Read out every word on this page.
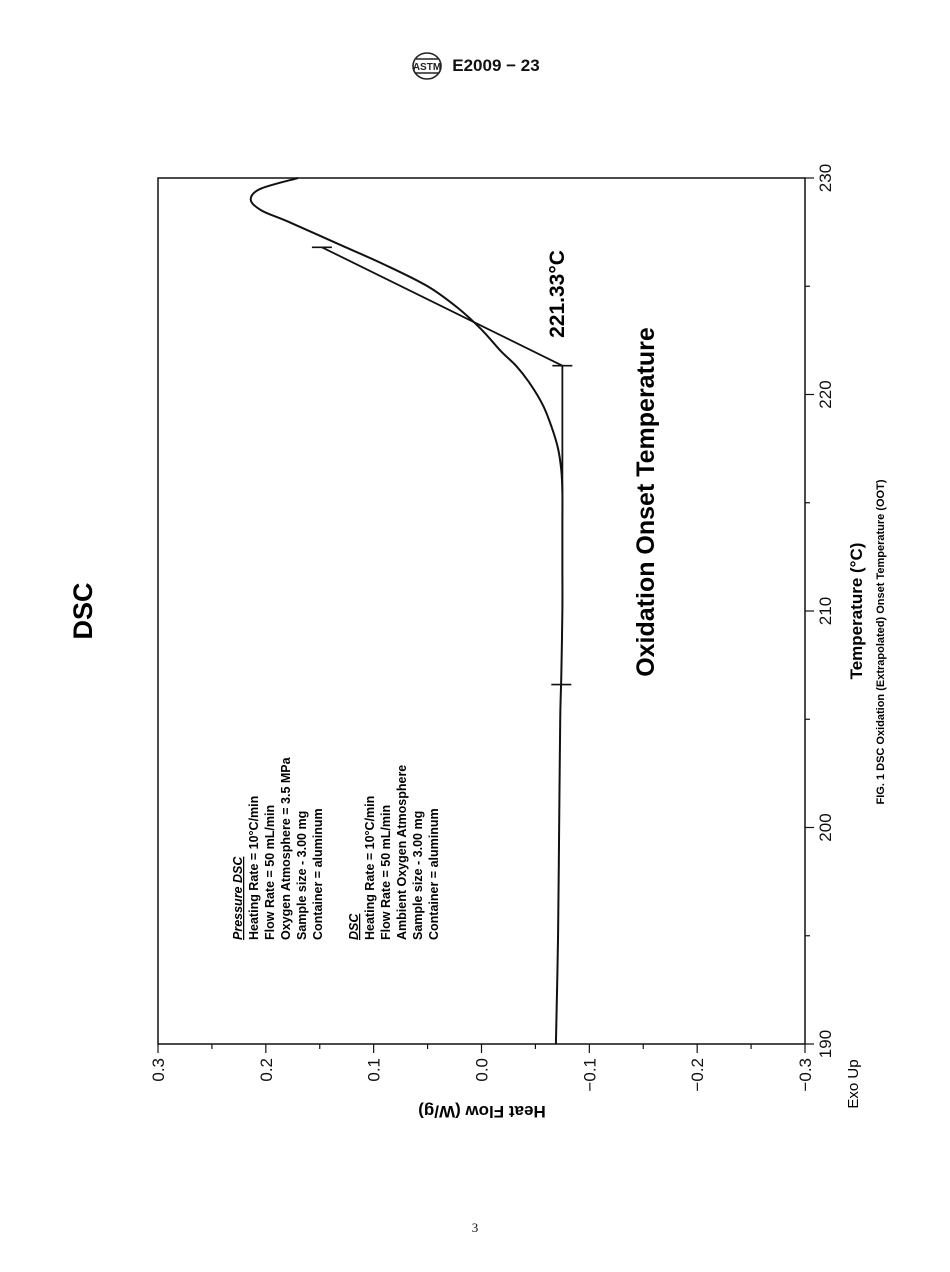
ASTM E2009 − 23
190
200
210
220
230
0.3	0.2	0.1	0.0	−0.1	−0.2	−0.3
DSC
Heat Flow (W/g)
Temperature (°C)
Exo Up
221.33°C
Oxidation Onset Temperature	FIG. 1 DSC Oxidation (Extrapolated) Onset Temperature (OOT)
Pressure DSC Heating Rate = 10°C/min Flow Rate = 50 mL/min Oxygen Atmosphere = 3.5 MPa Sample size - 3.00 mg Container = aluminum DSC Heating Rate = 10°C/min Flow Rate = 50 mL/min Ambient Oxygen Atmosphere Sample size - 3.00 mg Container = aluminum
3
